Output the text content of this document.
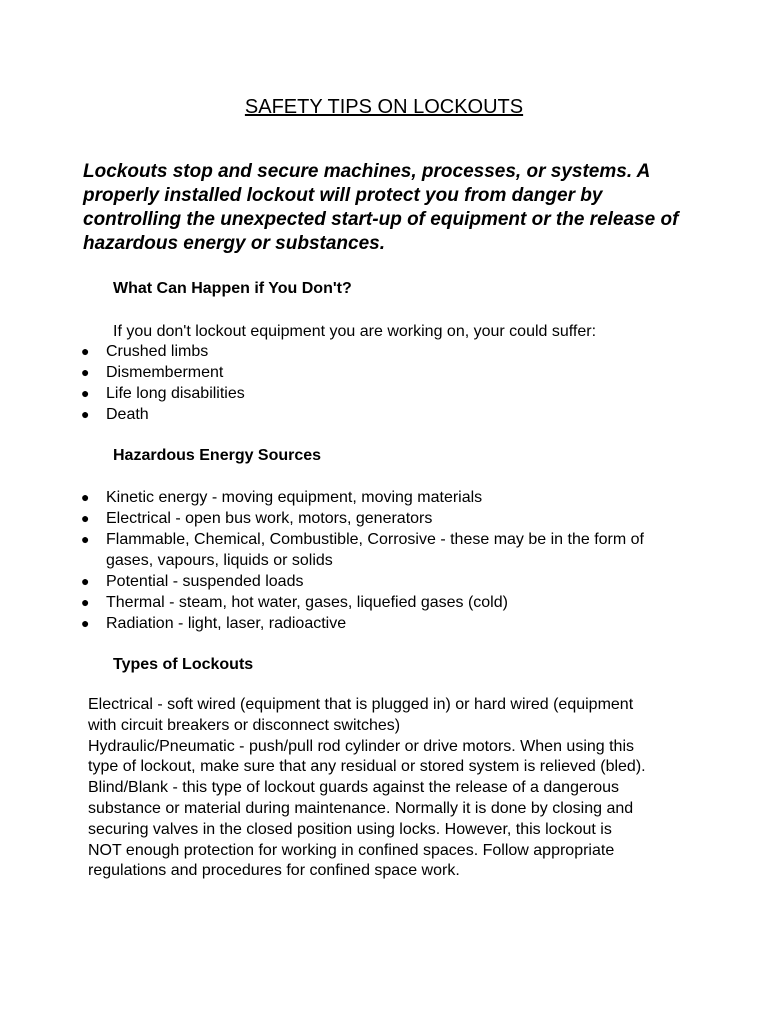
SAFETY TIPS ON LOCKOUTS

Lockouts stop and secure machines, processes, or systems. A properly installed lockout will protect you from danger by controlling the unexpected start-up of equipment or the release of hazardous energy or substances.

What Can Happen if You Don't?

If you don't lockout equipment you are working on, your could suffer:

● Crushed limbs
● Dismemberment
● Life long disabilities
● Death
Hazardous Energy Sources
● Kinetic energy - moving equipment, moving materials
● Electrical - open bus work, motors, generators
● Flammable, Chemical, Combustible, Corrosive - these may be in the form of gases, vapours, liquids or solids
● Potential - suspended loads
● Thermal - steam, hot water, gases, liquefied gases (cold)
● Radiation - light, laser, radioactive
Types of Lockouts

Electrical - soft wired (equipment that is plugged in) or hard wired (equipment with circuit breakers or disconnect switches)

Hydraulic/Pneumatic - push/pull rod cylinder or drive motors. When using this type of lockout, make sure that any residual or stored system is relieved (bled).

Blind/Blank - this type of lockout guards against the release of a dangerous substance or material during maintenance. Normally it is done by closing and securing valves in the closed position using locks. However, this lockout is NOT enough protection for working in confined spaces. Follow appropriate regulations and procedures for confined space work.
